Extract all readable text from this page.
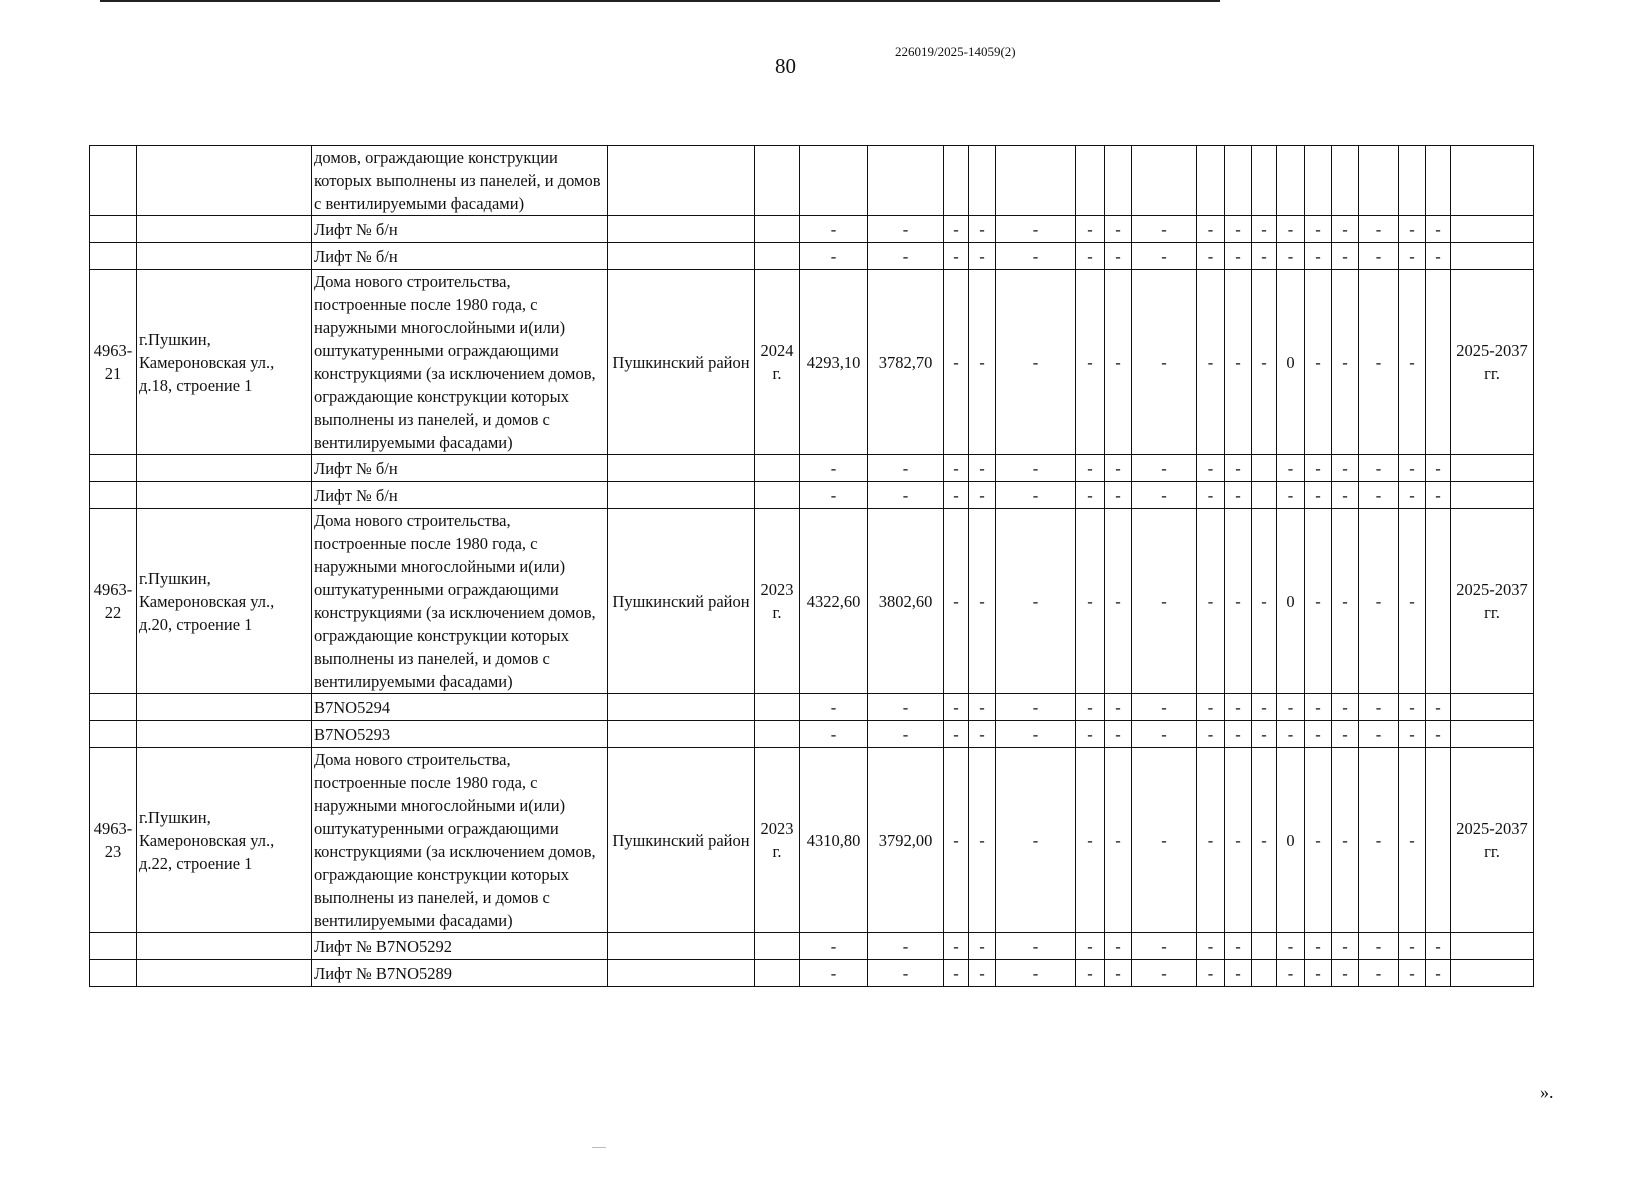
80
226019/2025-14059(2)
		домов, ограждающие конструкции которых выполнены из панелей, и домов с вентилируемыми фасадами)																				
		Лифт № б/н			-	-	-	-	-	-	-	-	-	-	-	-	-	-	-	-	-	
		Лифт № б/н			-	-	-	-	-	-	-	-	-	-	-	-	-	-	-	-	-	
4963-21	г.Пушкин, Камероновская ул., д.18, строение 1	Дома нового строительства, построенные после 1980 года, с наружными многослойными и(или) оштукатуренными ограждающими конструкциями (за исключением домов, ограждающие конструкции которых выполнены из панелей, и домов с вентилируемыми фасадами)	Пушкинский район	2024 г.	4293,10	3782,70	-	-	-	-	-	-	-	-	-	0	-	-	-	-		2025-2037 гг.
		Лифт № б/н			-	-	-	-	-	-	-	-	-	-		-	-	-	-	-	-	
		Лифт № б/н			-	-	-	-	-	-	-	-	-	-		-	-	-	-	-	-	
4963-22	г.Пушкин, Камероновская ул., д.20, строение 1	Дома нового строительства, построенные после 1980 года, с наружными многослойными и(или) оштукатуренными ограждающими конструкциями (за исключением домов, ограждающие конструкции которых выполнены из панелей, и домов с вентилируемыми фасадами)	Пушкинский район	2023 г.	4322,60	3802,60	-	-	-	-	-	-	-	-	-	0	-	-	-	-		2025-2037 гг.
		B7NO5294			-	-	-	-	-	-	-	-	-	-	-	-	-	-	-	-	-	
		B7NO5293			-	-	-	-	-	-	-	-	-	-	-	-	-	-	-	-	-	
4963-23	г.Пушкин, Камероновская ул., д.22, строение 1	Дома нового строительства, построенные после 1980 года, с наружными многослойными и(или) оштукатуренными ограждающими конструкциями (за исключением домов, ограждающие конструкции которых выполнены из панелей, и домов с вентилируемыми фасадами)	Пушкинский район	2023 г.	4310,80	3792,00	-	-	-	-	-	-	-	-	-	0	-	-	-	-		2025-2037 гг.
		Лифт № B7NO5292			-	-	-	-	-	-	-	-	-	-		-	-	-	-	-	-	
		Лифт № B7NO5289			-	-	-	-	-	-	-	-	-	-		-	-	-	-	-	-	
».
